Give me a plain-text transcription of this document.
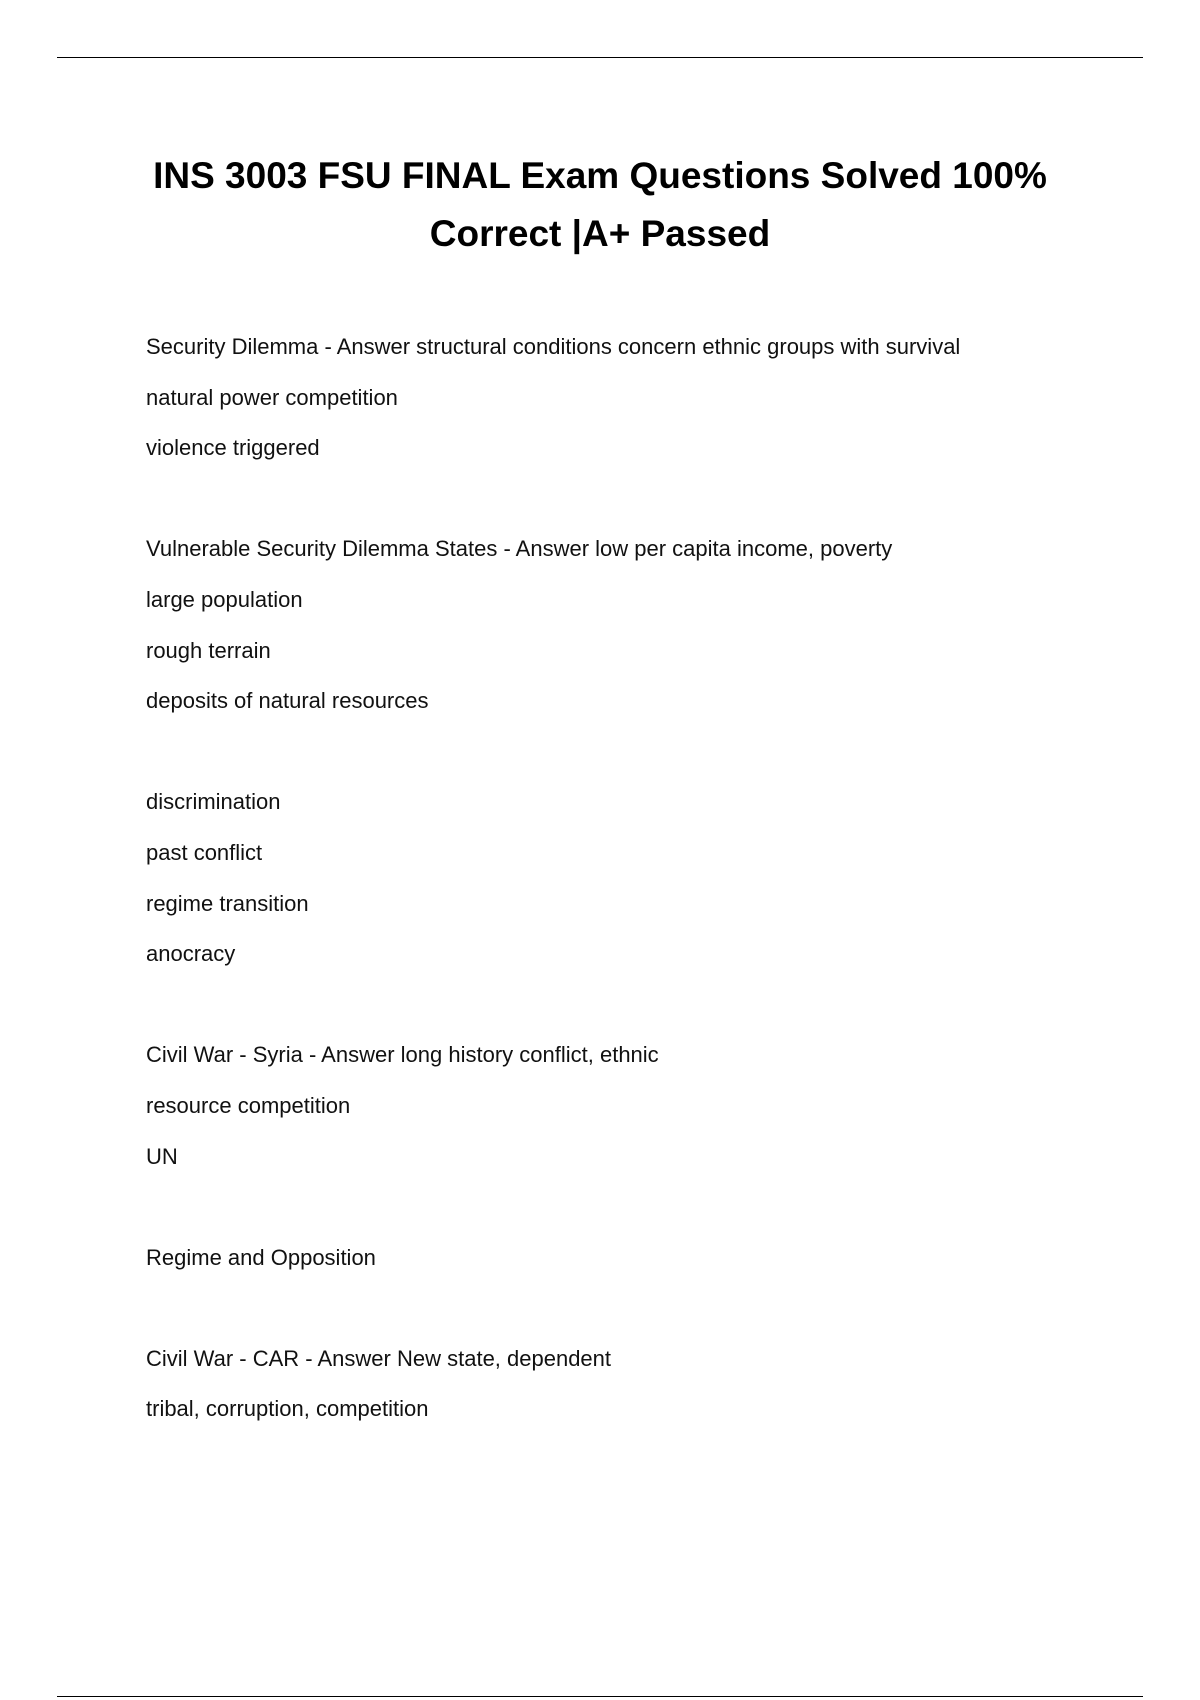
INS 3003 FSU FINAL Exam Questions Solved 100%
Correct |A+ Passed
Security Dilemma - Answer structural conditions concern ethnic groups with survival
natural power competition
violence triggered
Vulnerable Security Dilemma States - Answer low per capita income, poverty
large population
rough terrain
deposits of natural resources
discrimination
past conflict
regime transition
anocracy
Civil War - Syria - Answer long history conflict, ethnic
resource competition
UN
Regime and Opposition
Civil War - CAR - Answer New state, dependent
tribal, corruption, competition
